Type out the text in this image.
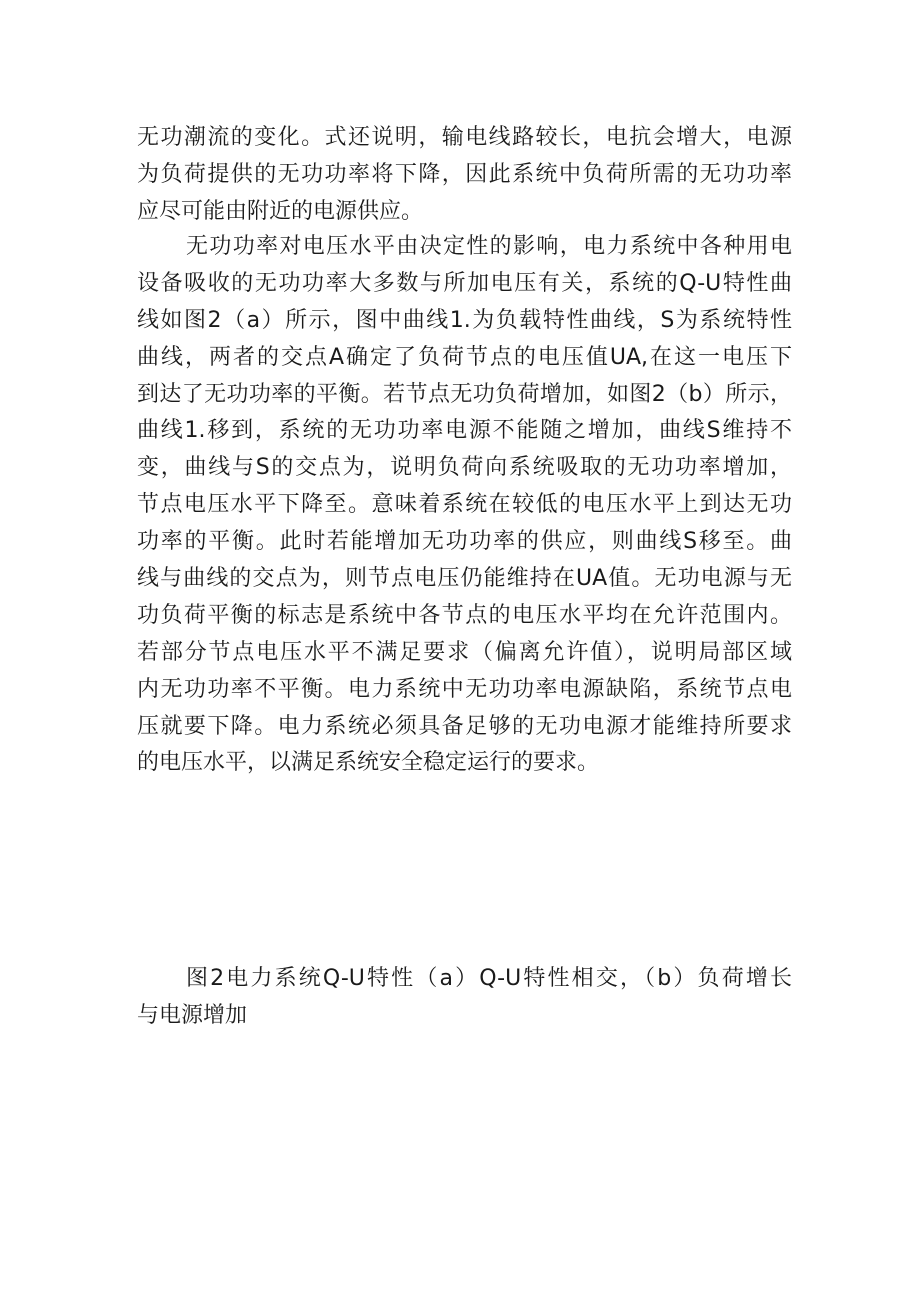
无功潮流的变化。式还说明，输电线路较长，电抗会增大，电源
为负荷提供的无功功率将下降，因此系统中负荷所需的无功功率
应尽可能由附近的电源供应。
无功功率对电压水平由决定性的影响，电力系统中各种用电
设备吸收的无功功率大多数与所加电压有关，系统的Q-U特性曲
线如图2（a）所示，图中曲线1.为负载特性曲线，S为系统特性
曲线，两者的交点A确定了负荷节点的电压值UA,在这一电压下
到达了无功功率的平衡。若节点无功负荷增加，如图2（b）所示，
曲线1.移到，系统的无功功率电源不能随之增加，曲线S维持不
变，曲线与S的交点为，说明负荷向系统吸取的无功功率增加，
节点电压水平下降至。意味着系统在较低的电压水平上到达无功
功率的平衡。此时若能增加无功功率的供应，则曲线S移至。曲
线与曲线的交点为，则节点电压仍能维持在UA值。无功电源与无
功负荷平衡的标志是系统中各节点的电压水平均在允许范围内。
若部分节点电压水平不满足要求（偏离允许值），说明局部区域
内无功功率不平衡。电力系统中无功功率电源缺陷，系统节点电
压就要下降。电力系统必须具备足够的无功电源才能维持所要求
的电压水平，以满足系统安全稳定运行的要求。
图2电力系统Q-U特性（a）Q-U特性相交，（b）负荷增长
与电源增加
